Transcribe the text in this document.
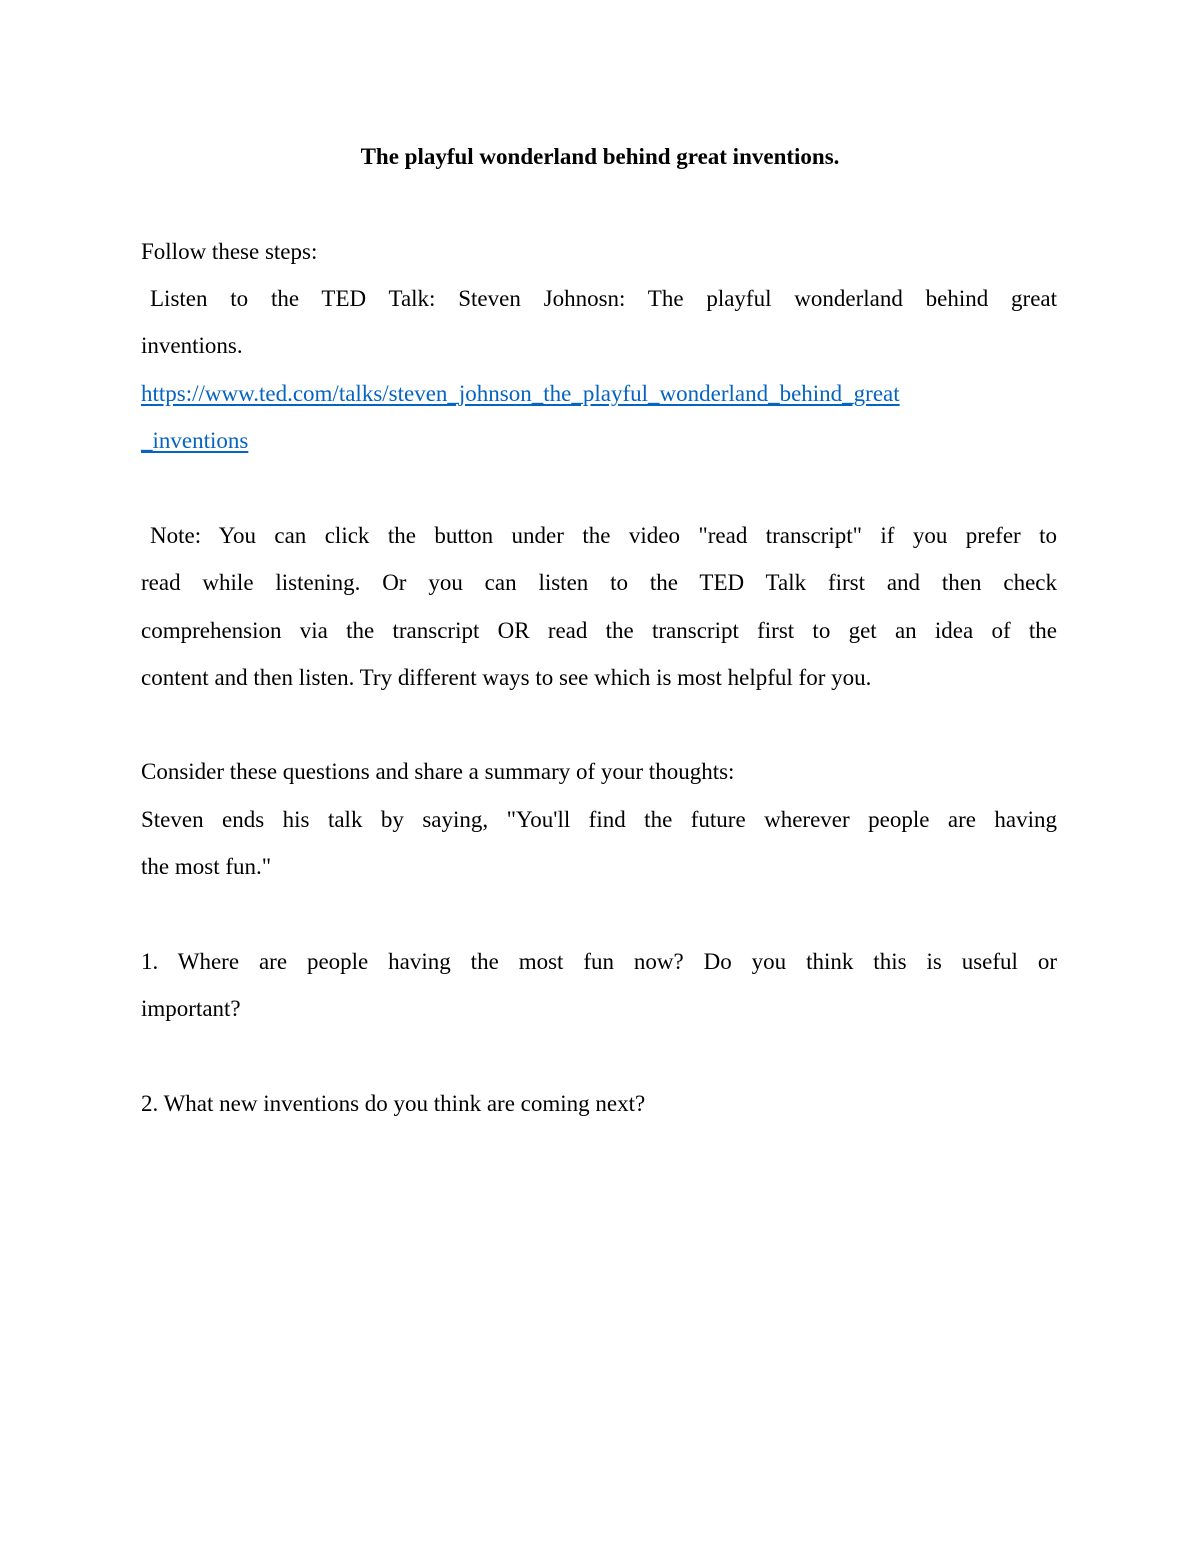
The playful wonderland behind great inventions.
Follow these steps:
Listen to the TED Talk: Steven Johnosn: The playful wonderland behind great
inventions.
https://www.ted.com/talks/steven_johnson_the_playful_wonderland_behind_great
_inventions
Note: You can click the button under the video "read transcript" if you prefer to
read while listening. Or you can listen to the TED Talk first and then check
comprehension via the transcript OR read the transcript first to get an idea of the
content and then listen. Try different ways to see which is most helpful for you.
Consider these questions and share a summary of your thoughts:
Steven ends his talk by saying, "You'll find the future wherever people are having
the most fun."
1. Where are people having the most fun now? Do you think this is useful or
important?
2. What new inventions do you think are coming next?
